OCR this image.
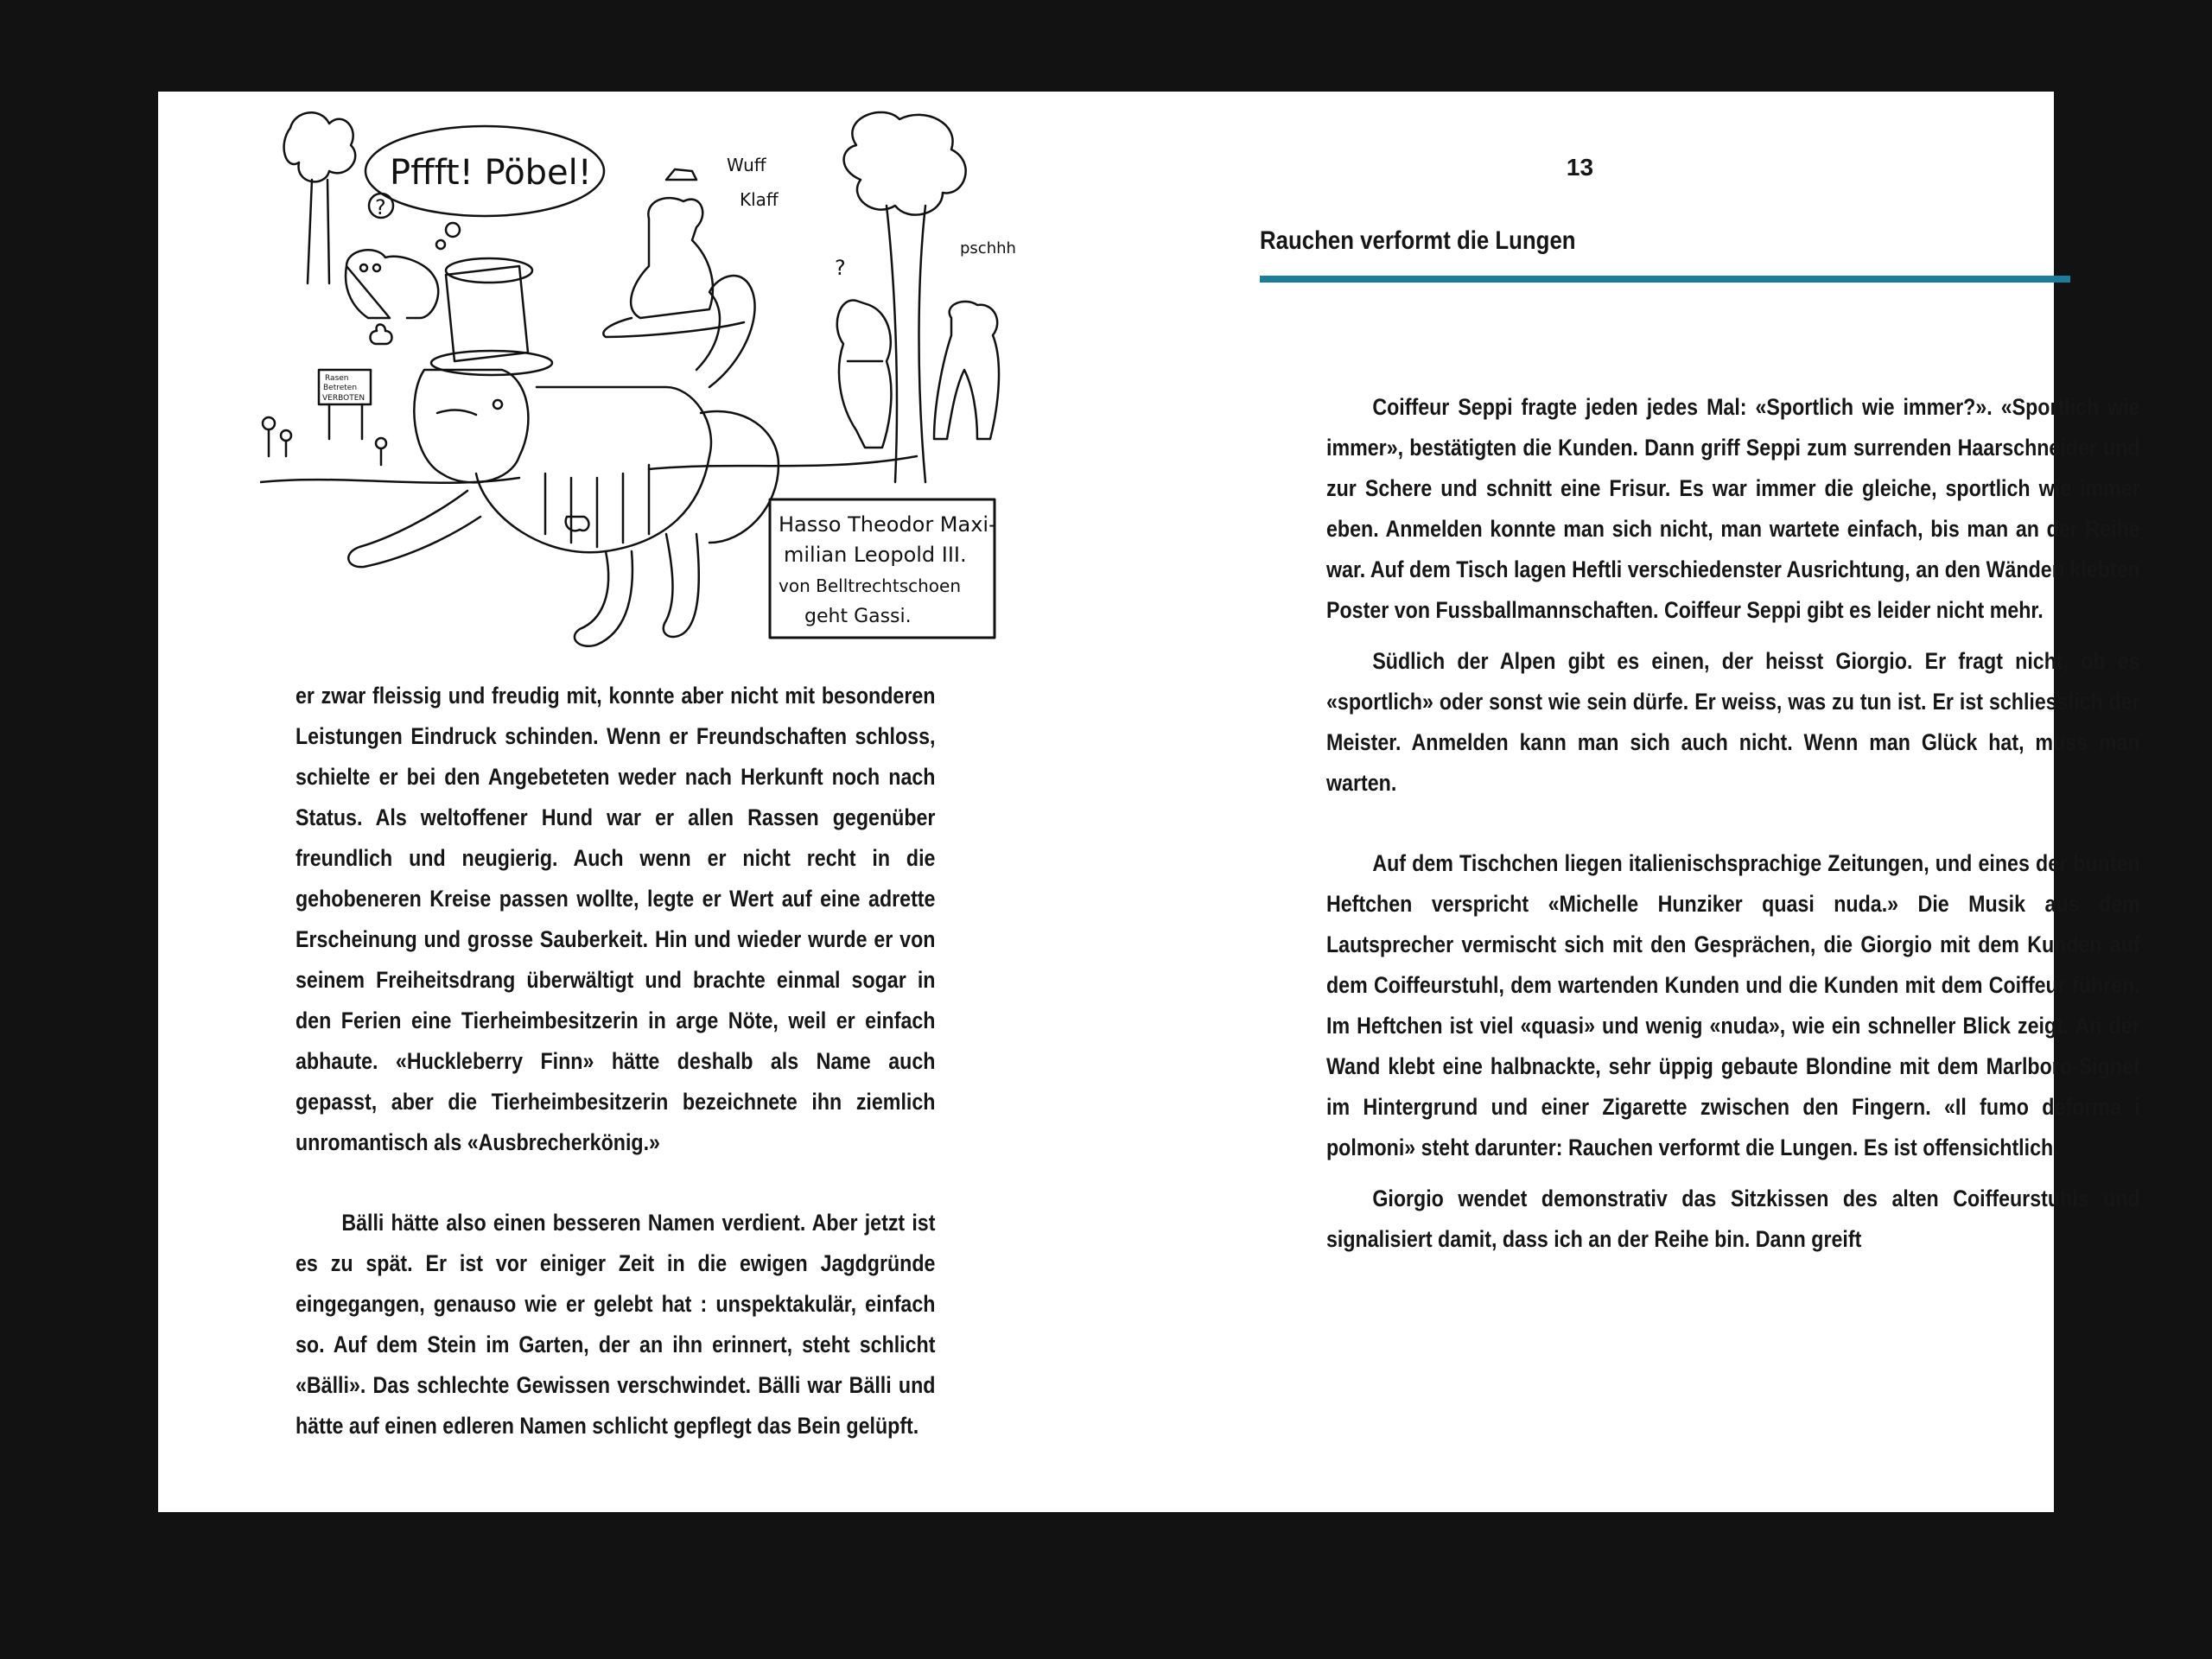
Pffft! Pöbel!
?
Rasen
Betreten
VERBOTEN
Wuff
Klaff
pschhh
?
Hasso Theodor Maxi-
milian Leopold III.
von Belltrechtschoen
geht Gassi.

er zwar fleissig und freudig mit, konnte aber nicht mit besonderen Leistungen Eindruck schinden. Wenn er Freundschaften schloss, schielte er bei den Angebeteten weder nach Herkunft noch nach Status. Als weltoffener Hund war er allen Rassen gegenüber freundlich und neugierig. Auch wenn er nicht recht in die gehobeneren Kreise passen wollte, legte er Wert auf eine adrette Erscheinung und grosse Sauberkeit. Hin und wieder wurde er von seinem Freiheitsdrang überwältigt und brachte einmal sogar in den Ferien eine Tierheimbesitzerin in arge Nöte, weil er einfach abhaute. «Huckleberry Finn» hätte deshalb als Name auch gepasst, aber die Tierheimbesitzerin bezeichnete ihn ziemlich unromantisch als «Ausbrecherkönig.»

Bälli hätte also einen besseren Namen verdient. Aber jetzt ist es zu spät. Er ist vor einiger Zeit in die ewigen Jagdgründe eingegangen, genauso wie er gelebt hat : unspektakulär, einfach so. Auf dem Stein im Garten, der an ihn erinnert, steht schlicht «Bälli». Das schlechte Gewissen verschwindet. Bälli war Bälli und hätte auf einen edleren Namen schlicht gepflegt das Bein gelüpft.

13
Rauchen verformt die Lungen

Coiffeur Seppi fragte jeden jedes Mal: «Sportlich wie immer?». «Sportlich wie immer», bestätigten die Kunden. Dann griff Seppi zum surrenden Haarschneider und zur Schere und schnitt eine Frisur. Es war immer die gleiche, sportlich wie immer eben. Anmelden konnte man sich nicht, man wartete einfach, bis man an der Reihe war. Auf dem Tisch lagen Heftli verschiedenster Ausrichtung, an den Wänden klebten Poster von Fussballmannschaften. Coiffeur Seppi gibt es leider nicht mehr.

Südlich der Alpen gibt es einen, der heisst Giorgio. Er fragt nicht, ob es «sportlich» oder sonst wie sein dürfe. Er weiss, was zu tun ist. Er ist schliesslich der Meister. Anmelden kann man sich auch nicht. Wenn man Glück hat, muss man warten.

Auf dem Tischchen liegen italienischsprachige Zeitungen, und eines der bunten Heftchen verspricht «Michelle Hunziker quasi nuda.» Die Musik aus dem Lautsprecher vermischt sich mit den Gesprächen, die Giorgio mit dem Kunden auf dem Coiffeurstuhl, dem wartenden Kunden und die Kunden mit dem Coiffeur führen. Im Heftchen ist viel «quasi» und wenig «nuda», wie ein schneller Blick zeigt. An der Wand klebt eine halbnackte, sehr üppig gebaute Blondine mit dem Marlboro-Signet im Hintergrund und einer Zigarette zwischen den Fingern. «Il fumo deforma i polmoni» steht darunter: Rauchen verformt die Lungen. Es ist offensichtlich.

Giorgio wendet demonstrativ das Sitzkissen des alten Coiffeurstuhls und signalisiert damit, dass ich an der Reihe bin. Dann greift
